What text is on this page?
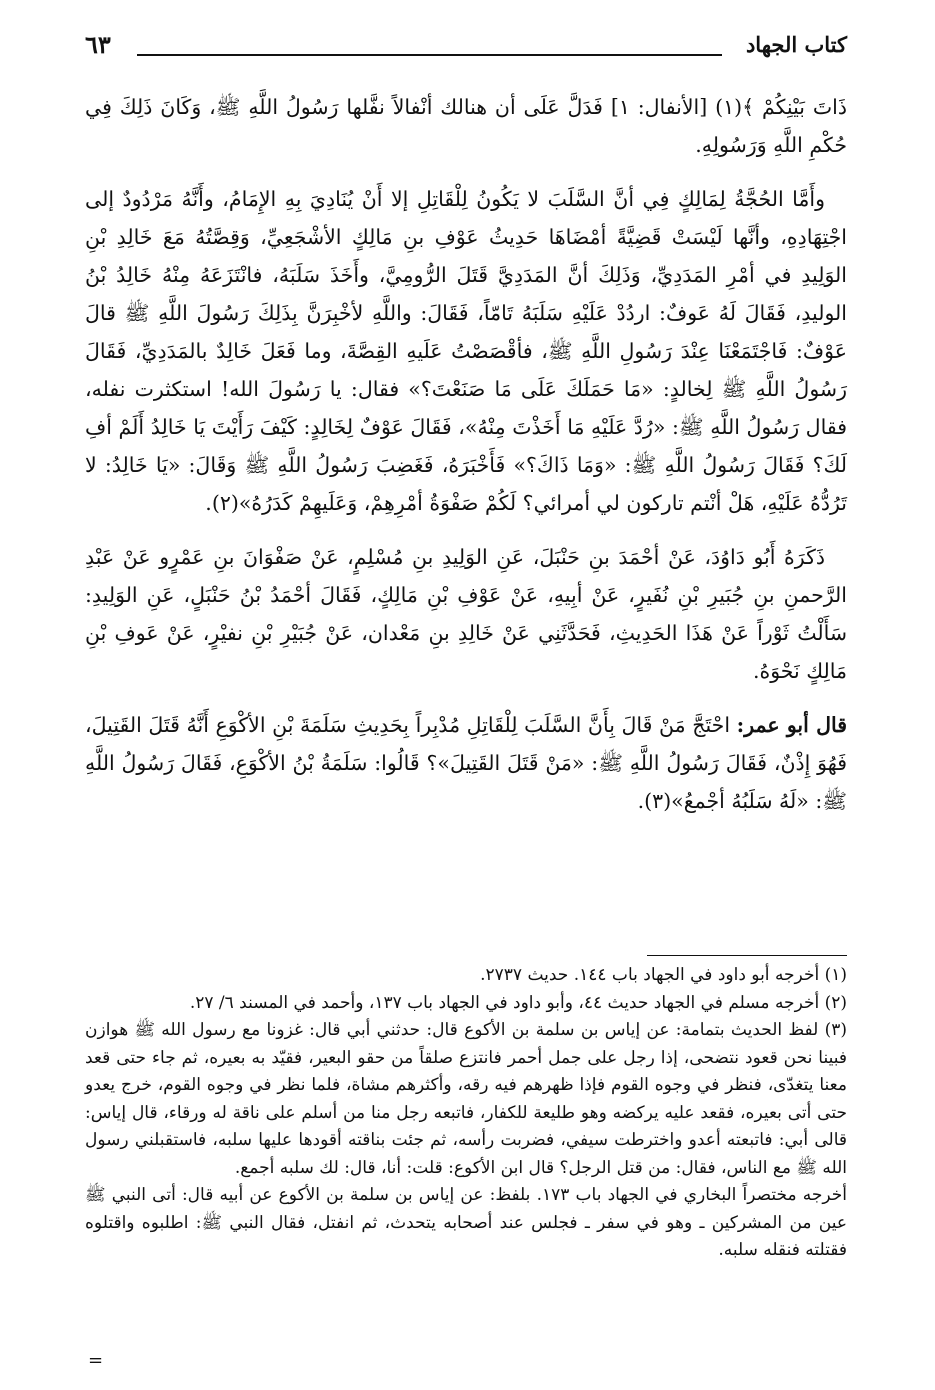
كتاب الجهاد
٦٣

ذَاتَ بَيْنِكُمْ ﴾(١) [الأنفال: ١] فَدَلَّ عَلَى أن هنالك أنْفالاً نفَّلها رَسُولُ اللَّهِ ﷺ، وَكَانَ ذَلِكَ فِي حُكْمِ اللَّهِ وَرَسُولِهِ.

وأَمَّا الحُجَّةُ لِمَالِكٍ فِي أنَّ السَّلَبَ لا يَكُونُ لِلْقَاتِلِ إلا أَنْ يُنَادِيَ بِهِ الإِمَامُ، وأَنَّهُ مَرْدُودٌ إلى اجْتِهَادِهِ، وأنَّها لَيْسَتْ قَضِيَّةً أمْضَاهَا حَدِيثُ عَوْفِ بنِ مَالِكٍ الأشْجَعِيِّ، وَقِصَّتُهُ مَعَ خَالِدِ بْنِ الوَلِيدِ في أمْرِ المَدَدِيِّ، وَذَلِكَ أنَّ المَدَدِيَّ قَتَلَ الرُّومِيَّ، وأَخَذَ سَلَبَهُ، فانْتَزَعَهُ مِنْهُ خَالِدُ بْنُ الوليدِ، فَقَالَ لَهُ عَوفٌ: اردُدْ عَلَيْهِ سَلَبَهُ تَامّاً، فَقَالَ: واللَّهِ لأخْبِرَنَّ بِذَلِكَ رَسُولَ اللَّهِ ﷺ قالَ عَوْفٌ: فَاجْتَمَعْنَا عِنْدَ رَسُولِ اللَّهِ ﷺ، فأقْصَصْتُ عَلَيهِ القِصَّةَ، وما فَعَلَ خَالِدٌ بالمَدَدِيِّ، فَقَالَ رَسُولُ اللَّهِ ﷺ لِخالدٍ: «مَا حَمَلَكَ عَلَى مَا صَنَعْتَ؟» فقال: يا رَسُولَ الله! استكثرت نفله، فقال رَسُولُ اللَّهِ ﷺ: «رُدَّ عَلَيْهِ مَا أَخَذْتَ مِنْهُ»، فَقَالَ عَوْفٌ لِخَالِدٍ: كَيْفَ رَأَيْتَ يَا خَالِدُ أَلَمْ أفِ لَكَ؟ فَقَالَ رَسُولُ اللَّهِ ﷺ: «وَمَا ذَاكَ؟» فَأَخْبَرَهُ، فَغَضِبَ رَسُولُ اللَّهِ ﷺ وَقَالَ: «يَا خَالِدُ: لا تَرُدُّهُ عَلَيْهِ، هَلْ أنْتم تاركون لي أمرائي؟ لَكُمْ صَفْوَةُ أمْرِهِمْ، وَعَلَيهِمْ كَدَرُهُ»(٢).

ذَكَرَهُ أَبُو دَاوُدَ، عَنْ أحْمَدَ بنِ حَنْبَلَ، عَنِ الوَلِيدِ بنِ مُسْلِمٍ، عَنْ صَفْوَانَ بنِ عَمْرٍو عَنْ عَبْدِ الرَّحمنِ بنِ جُبَيرِ بْنِ نُفَيرٍ، عَنْ أبِيهِ، عَنْ عَوْفِ بْنِ مَالِكٍ، فَقَالَ أحْمَدُ بْنُ حَنْبَلٍ، عَنِ الوَلِيدِ: سَأَلْتُ ثَوْراً عَنْ هَذَا الحَدِيثِ، فَحَدَّثَنِي عَنْ خَالِدِ بنِ مَعْدان، عَنْ جُبَيْرِ بْنِ نفيْرٍ، عَنْ عَوفِ بْنِ مَالِكٍ نَحْوَهُ.

قال أبو عمر: احْتَجَّ مَنْ قَالَ بِأَنَّ السَّلَبَ لِلْقَاتِلِ مُدْبِراً بِحَدِيثِ سَلَمَةَ بْنِ الأكْوَعِ أَنَّهُ قَتَلَ القَتِيلَ، فَهُوَ إِذْنٌ، فَقَالَ رَسُولُ اللَّهِ ﷺ: «مَنْ قَتَلَ القَتِيلَ»؟ قَالُوا: سَلَمَةُ بْنُ الأكْوَعِ، فَقَالَ رَسُولُ اللَّهِ ﷺ: «لَهُ سَلَبُهُ أجْمعُ»(٣).

(١) أخرجه أبو داود في الجهاد باب ١٤٤. حديث ٢٧٣٧.

(٢) أخرجه مسلم في الجهاد حديث ٤٤، وأبو داود في الجهاد باب ١٣٧، وأحمد في المسند ٦/ ٢٧.

(٣) لفظ الحديث بتمامة: عن إياس بن سلمة بن الأكوع قال: حدثني أبي قال: غزونا مع رسول الله ﷺ هوازن فبينا نحن قعود نتضحى، إذا رجل على جمل أحمر فانتزع صلقاً من حقو البعير، فقيّد به بعيره، ثم جاء حتى قعد معنا يتغدّى، فنظر في وجوه القوم فإذا ظهرهم فيه رقه، وأكثرهم مشاة، فلما نظر في وجوه القوم، خرج يعدو حتى أتى بعيره، فقعد عليه يركضه وهو طليعة للكفار، فاتبعه رجل منا من أسلم على ناقة له ورقاء، قال إياس: قالى أبي: فاتبعته أعدو واخترطت سيفي، فضربت رأسه، ثم جئت بناقته أقودها عليها سلبه، فاستقبلني رسول الله ﷺ مع الناس، فقال: من قتل الرجل؟ قال ابن الأكوع: قلت: أنا، قال: لك سلبه أجمع.

أخرجه مختصراً البخاري في الجهاد باب ١٧٣. بلفظ: عن إياس بن سلمة بن الأكوع عن أبيه قال: أتى النبي ﷺ عين من المشركين ـ وهو في سفر ـ فجلس عند أصحابه يتحدث، ثم انفتل، فقال النبي ﷺ: اطلبوه واقتلوه فقتلته فنقله سلبه.

=
